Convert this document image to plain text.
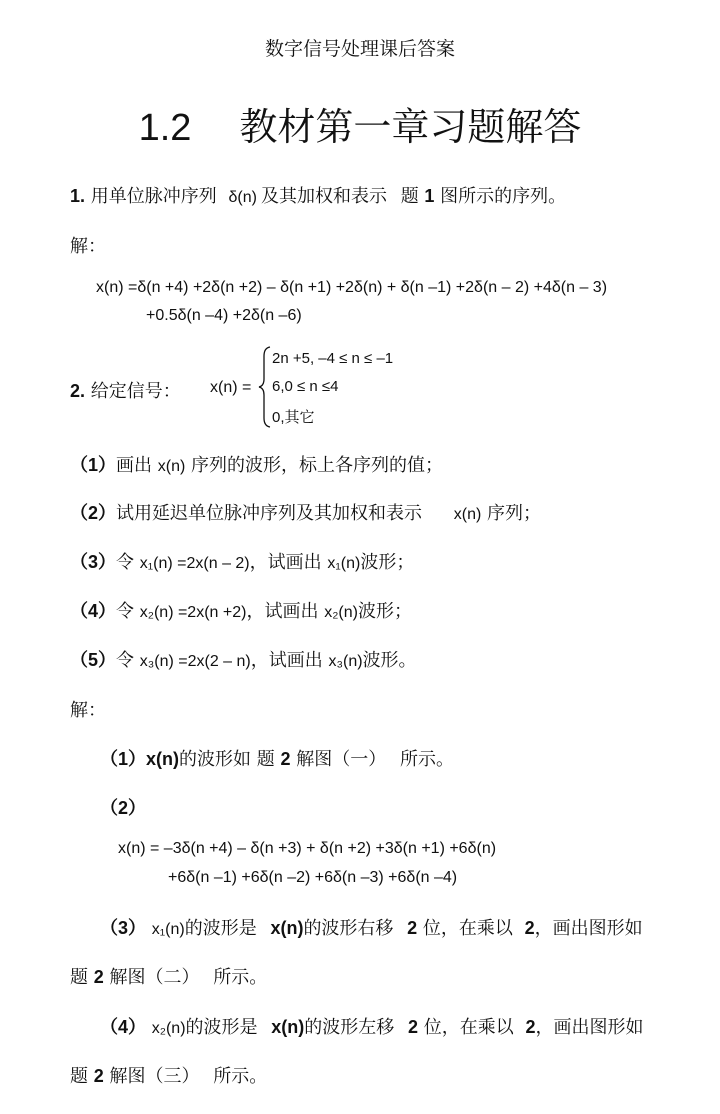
数字信号处理课后答案
1.2 教材第一章习题解答
1. 用单位脉冲序列 δ(n) 及其加权和表示 题 1 图所示的序列。
解：
x(n) =δ(n +4) +2δ(n +2) – δ(n +1) +2δ(n) + δ(n –1) +2δ(n – 2) +4δ(n – 3)
+0.5δ(n –4) +2δ(n –6)
2. 给定信号： x(n) =
2n +5, –4 ≤ n ≤ –1
6,0 ≤ n ≤4
0,其它
（1）画出 x(n) 序列的波形，标上各序列的值；
（2）试用延迟单位脉冲序列及其加权和表示 x(n) 序列；
（3）令 x₁(n) =2x(n – 2)，试画出 x₁(n)波形；
（4）令 x₂(n) =2x(n +2)，试画出 x₂(n)波形；
（5）令 x₃(n) =2x(2 – n)，试画出 x₃(n)波形。
解：
（1）x(n)的波形如 题 2 解图（一） 所示。
（2）
x(n) = –3δ(n +4) – δ(n +3) + δ(n +2) +3δ(n +1) +6δ(n)
+6δ(n –1) +6δ(n –2) +6δ(n –3) +6δ(n –4)
（3） x₁(n)的波形是 x(n)的波形右移 2 位，在乘以 2，画出图形如
题 2 解图（二） 所示。
（4） x₂(n)的波形是 x(n)的波形左移 2 位，在乘以 2，画出图形如
题 2 解图（三） 所示。
